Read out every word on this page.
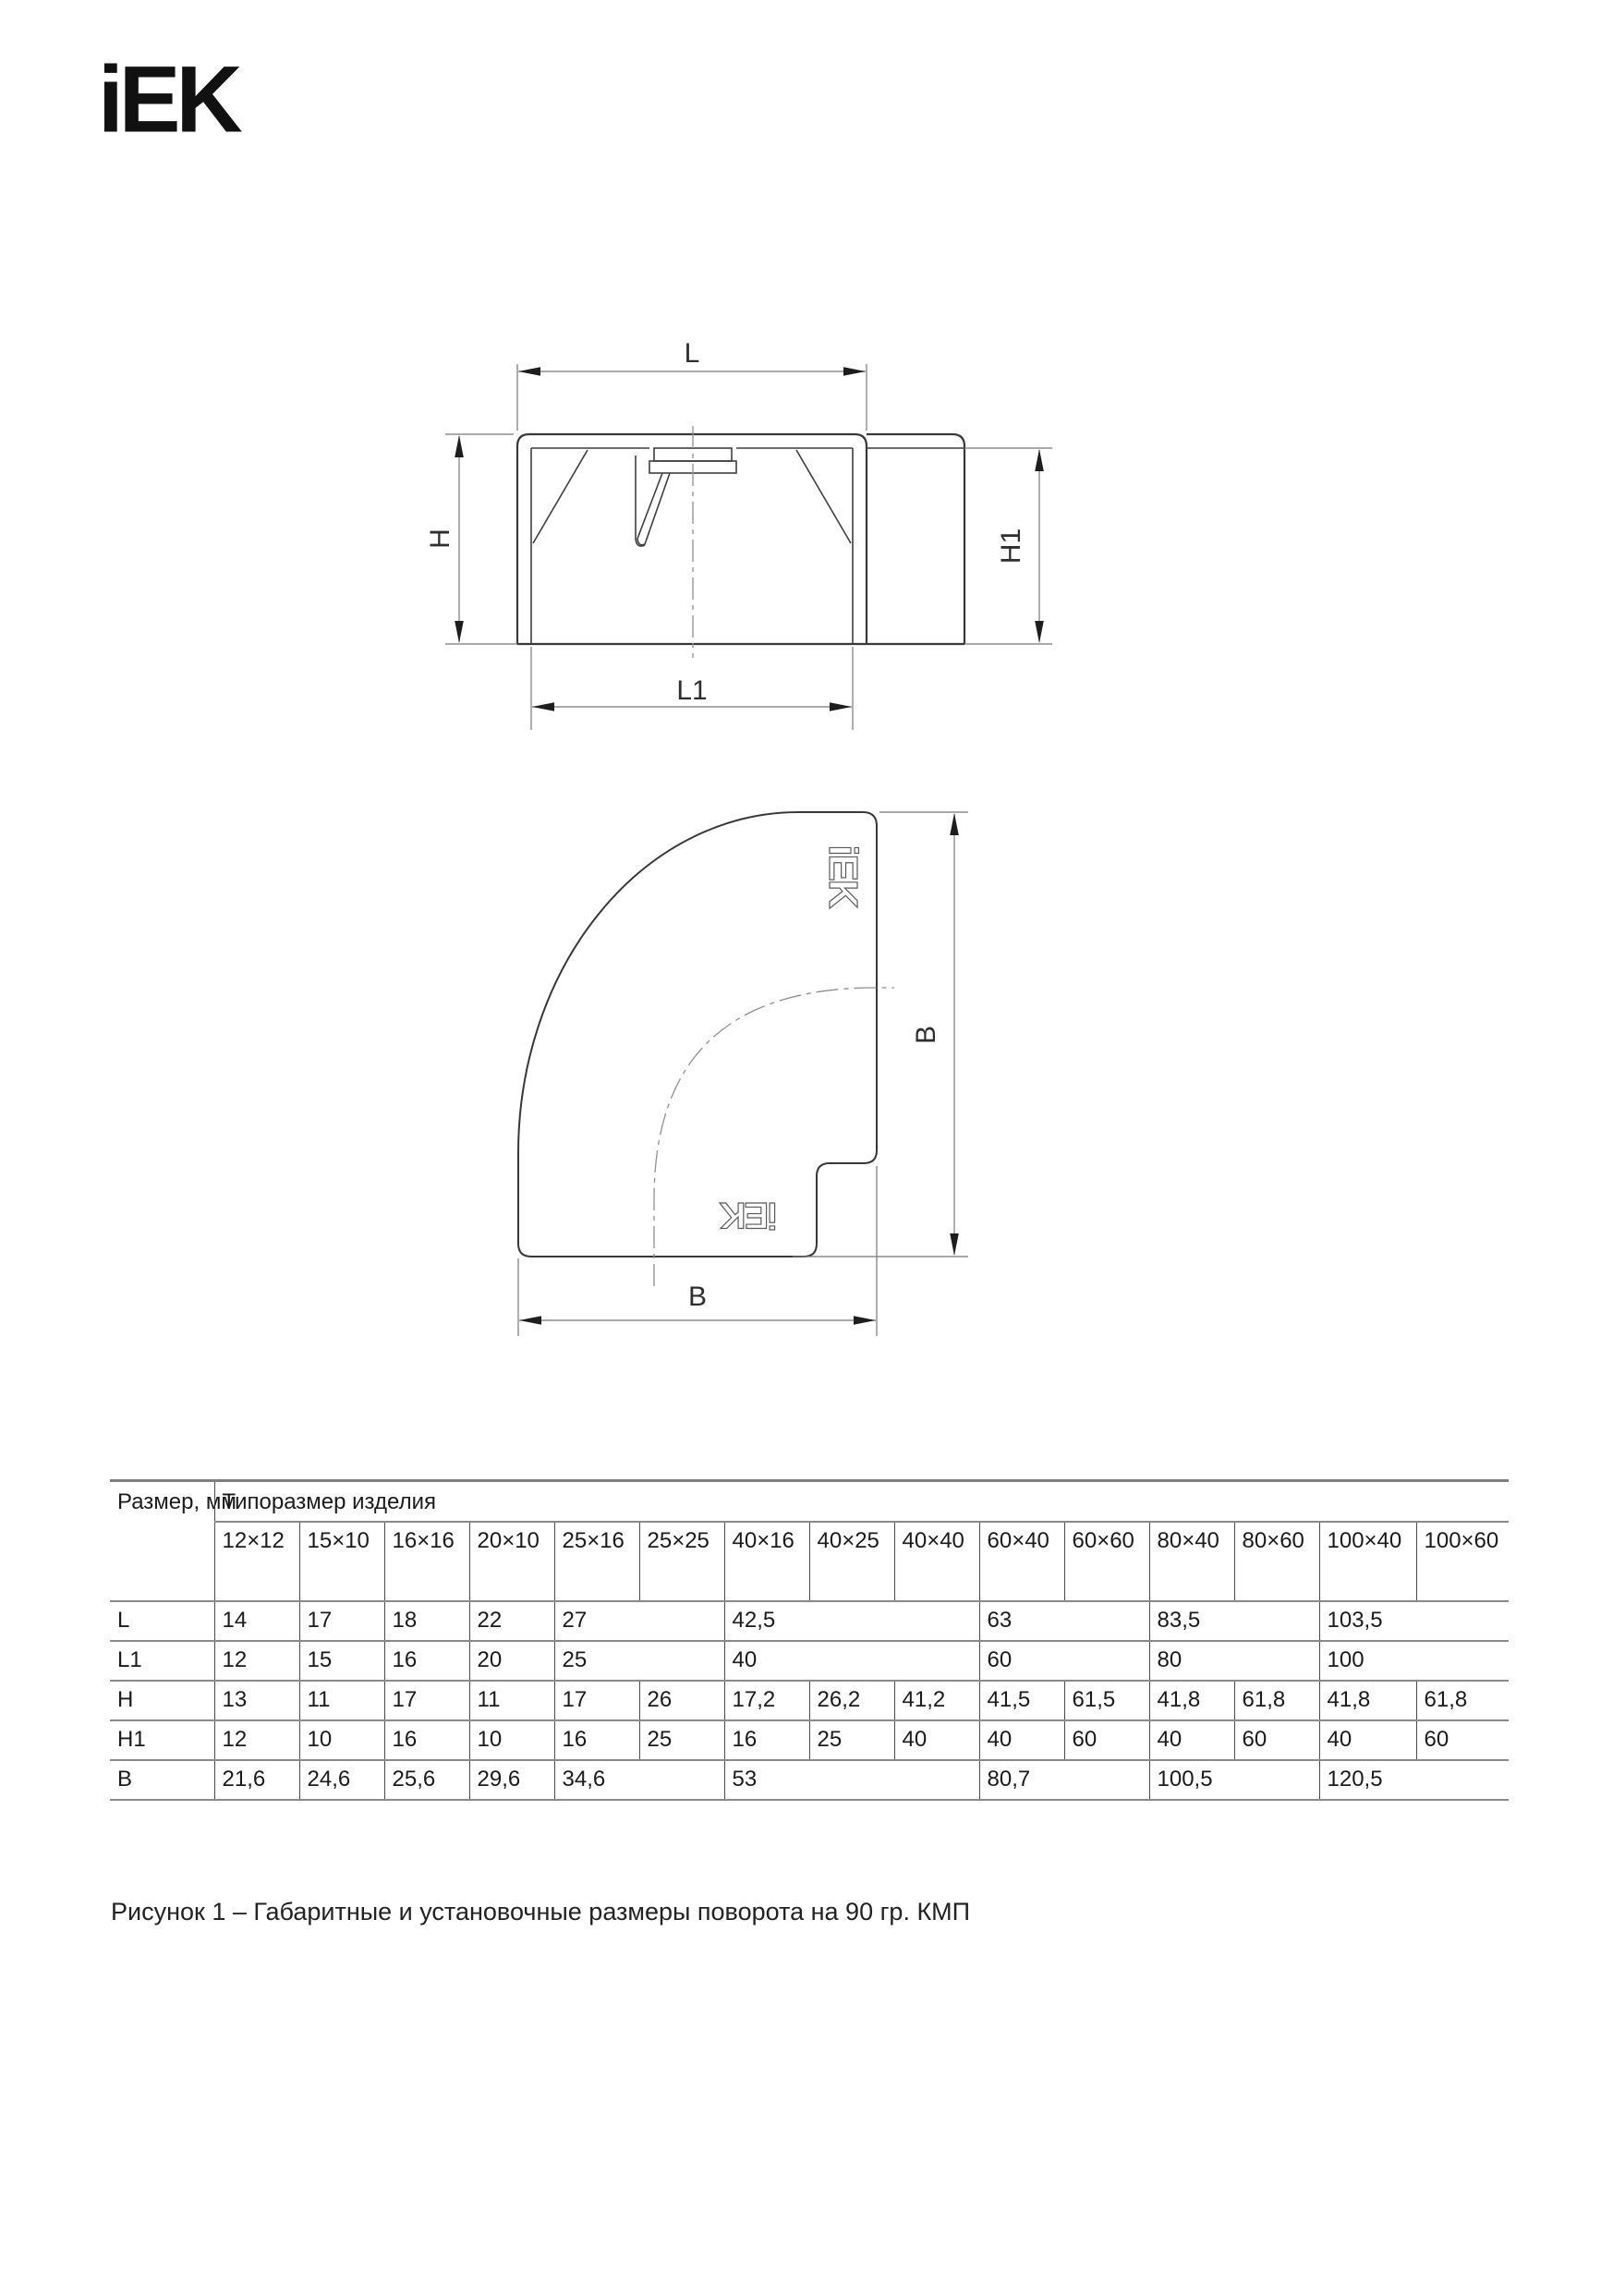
iEK
L
L1
H	H1
B
B
iEK
iEK
Размер, мм	Типоразмер изделия														
	12×12	15×10	16×16	20×10	25×16	25×25	40×16	40×25	40×40	60×40	60×60	80×40	80×60	100×40	100×60
L	14	17	18	22	27		42,5			63		83,5		103,5	
L1	12	15	16	20	25		40			60		80		100	
H	13	11	17	11	17	26	17,2	26,2	41,2	41,5	61,5	41,8	61,8	41,8	61,8
H1	12	10	16	10	16	25	16	25	40	40	60	40	60	40	60
B	21,6	24,6	25,6	29,6	34,6		53			80,7		100,5		120,5	
Рисунок 1 – Габаритные и установочные размеры поворота на 90 гр. КМП
